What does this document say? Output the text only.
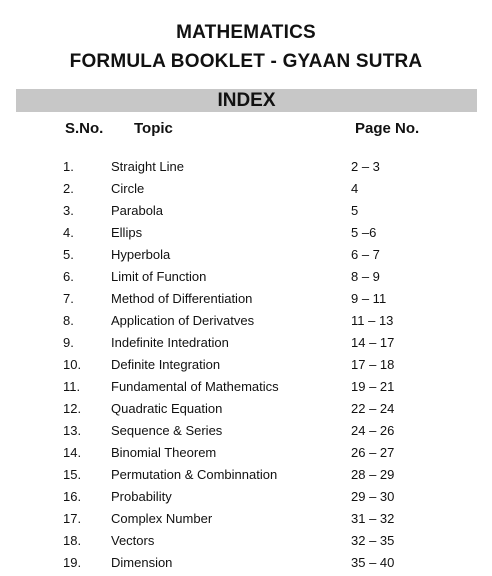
MATHEMATICS
FORMULA BOOKLET - GYAAN SUTRA
INDEX
S.No. Topic	Page No.
1.	Straight Line	2 – 3
2.	Circle	4
3.	Parabola	5
4.	Ellips	5 –6
5.	Hyperbola	6 – 7
6.	Limit of Function	8 – 9
7.	Method of Differentiation	9 – 11
8.	Application of Derivatves	11 – 13
9.	Indefinite Intedration	14 – 17
10. Definite Integration	17 – 18
11. Fundamental of Mathematics	19 – 21
12. Quadratic Equation	22 – 24
13. Sequence & Series	24 – 26
14. Binomial Theorem	26 – 27
15. Permutation & Combinnation	28 – 29
16. Probability	29 – 30
17. Complex Number	31 – 32
18. Vectors	32 – 35
19. Dimension	35 – 40
